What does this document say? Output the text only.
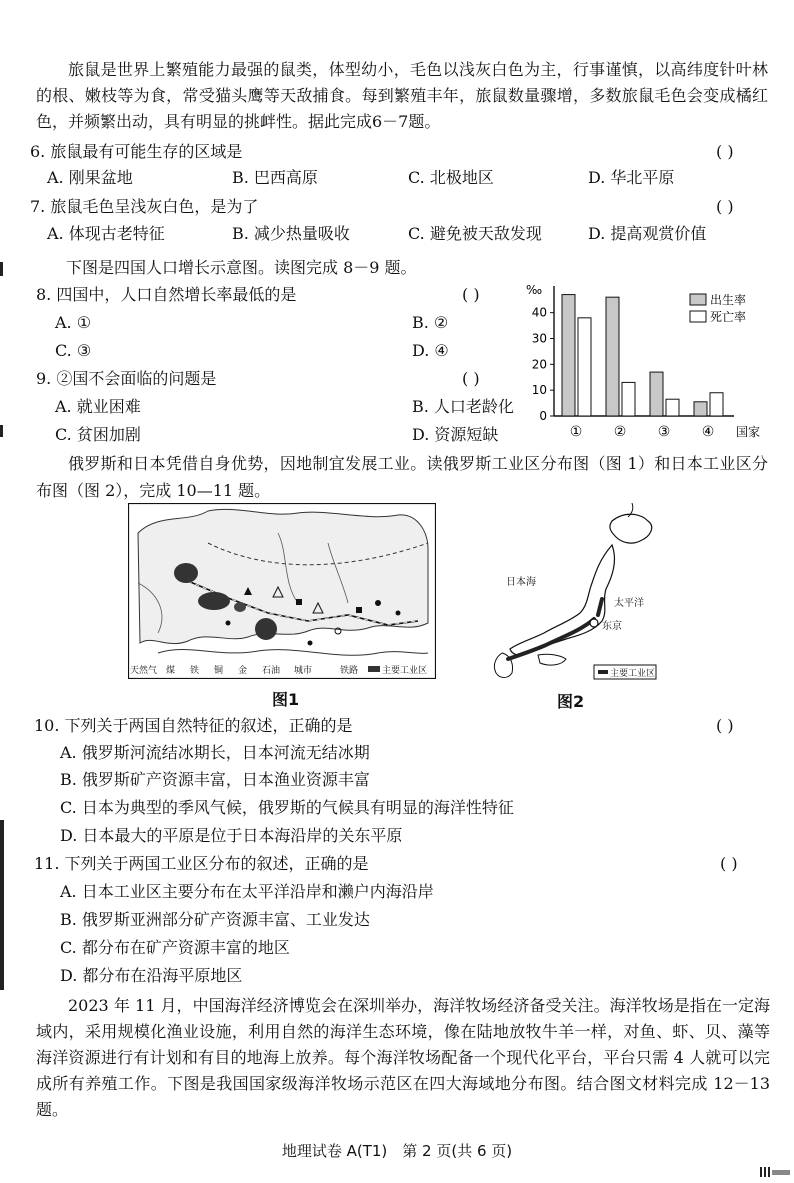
旅鼠是世界上繁殖能力最强的鼠类，体型幼小，毛色以浅灰白色为主，行事谨慎，以高纬度针叶林的根、嫩枝等为食，常受猫头鹰等天敌捕食。每到繁殖丰年，旅鼠数量骤增，多数旅鼠毛色会变成橘红色，并频繁出动，具有明显的挑衅性。据此完成6－7题。
6. 旅鼠最有可能生存的区域是	( )
A. 刚果盆地	B. 巴西高原	C. 北极地区	D. 华北平原
7. 旅鼠毛色呈浅灰白色，是为了	( )
A. 体现古老特征	B. 减少热量吸收	C. 避免被天敌发现	D. 提高观赏价值
下图是四国人口增长示意图。读图完成 8－9 题。
8. 四国中，人口自然增长率最低的是	( )
A. ①	B. ②
C. ③	D. ④
9. ②国不会面临的问题是	( )
A. 就业困难	B. 人口老龄化
C. 贫困加剧	D. 资源短缺
0
10
20
30
40
‰
① ② ③ ④ 国家
出生率
死亡率
俄罗斯和日本凭借自身优势，因地制宜发展工业。读俄罗斯工业区分布图（图 1）和日本工业区分布图（图 2），完成 10—11 题。
天然气 煤 铁 铜 金 石油 城市	铁路	主要工业区
图1
日本海
太平洋
东京
主要工业区
图2
10. 下列关于两国自然特征的叙述，正确的是	( )
A. 俄罗斯河流结冰期长，日本河流无结冰期
B. 俄罗斯矿产资源丰富，日本渔业资源丰富
C. 日本为典型的季风气候，俄罗斯的气候具有明显的海洋性特征
D. 日本最大的平原是位于日本海沿岸的关东平原
11. 下列关于两国工业区分布的叙述，正确的是	( )
A. 日本工业区主要分布在太平洋沿岸和濑户内海沿岸
B. 俄罗斯亚洲部分矿产资源丰富、工业发达
C. 都分布在矿产资源丰富的地区
D. 都分布在沿海平原地区
2023 年 11 月，中国海洋经济博览会在深圳举办，海洋牧场经济备受关注。海洋牧场是指在一定海域内，采用规模化渔业设施，利用自然的海洋生态环境，像在陆地放牧牛羊一样，对鱼、虾、贝、藻等海洋资源进行有计划和有目的地海上放养。每个海洋牧场配备一个现代化平台，平台只需 4 人就可以完成所有养殖工作。下图是我国国家级海洋牧场示范区在四大海域地分布图。结合图文材料完成 12－13 题。
地理试卷 A(T1)　第 2 页(共 6 页)
